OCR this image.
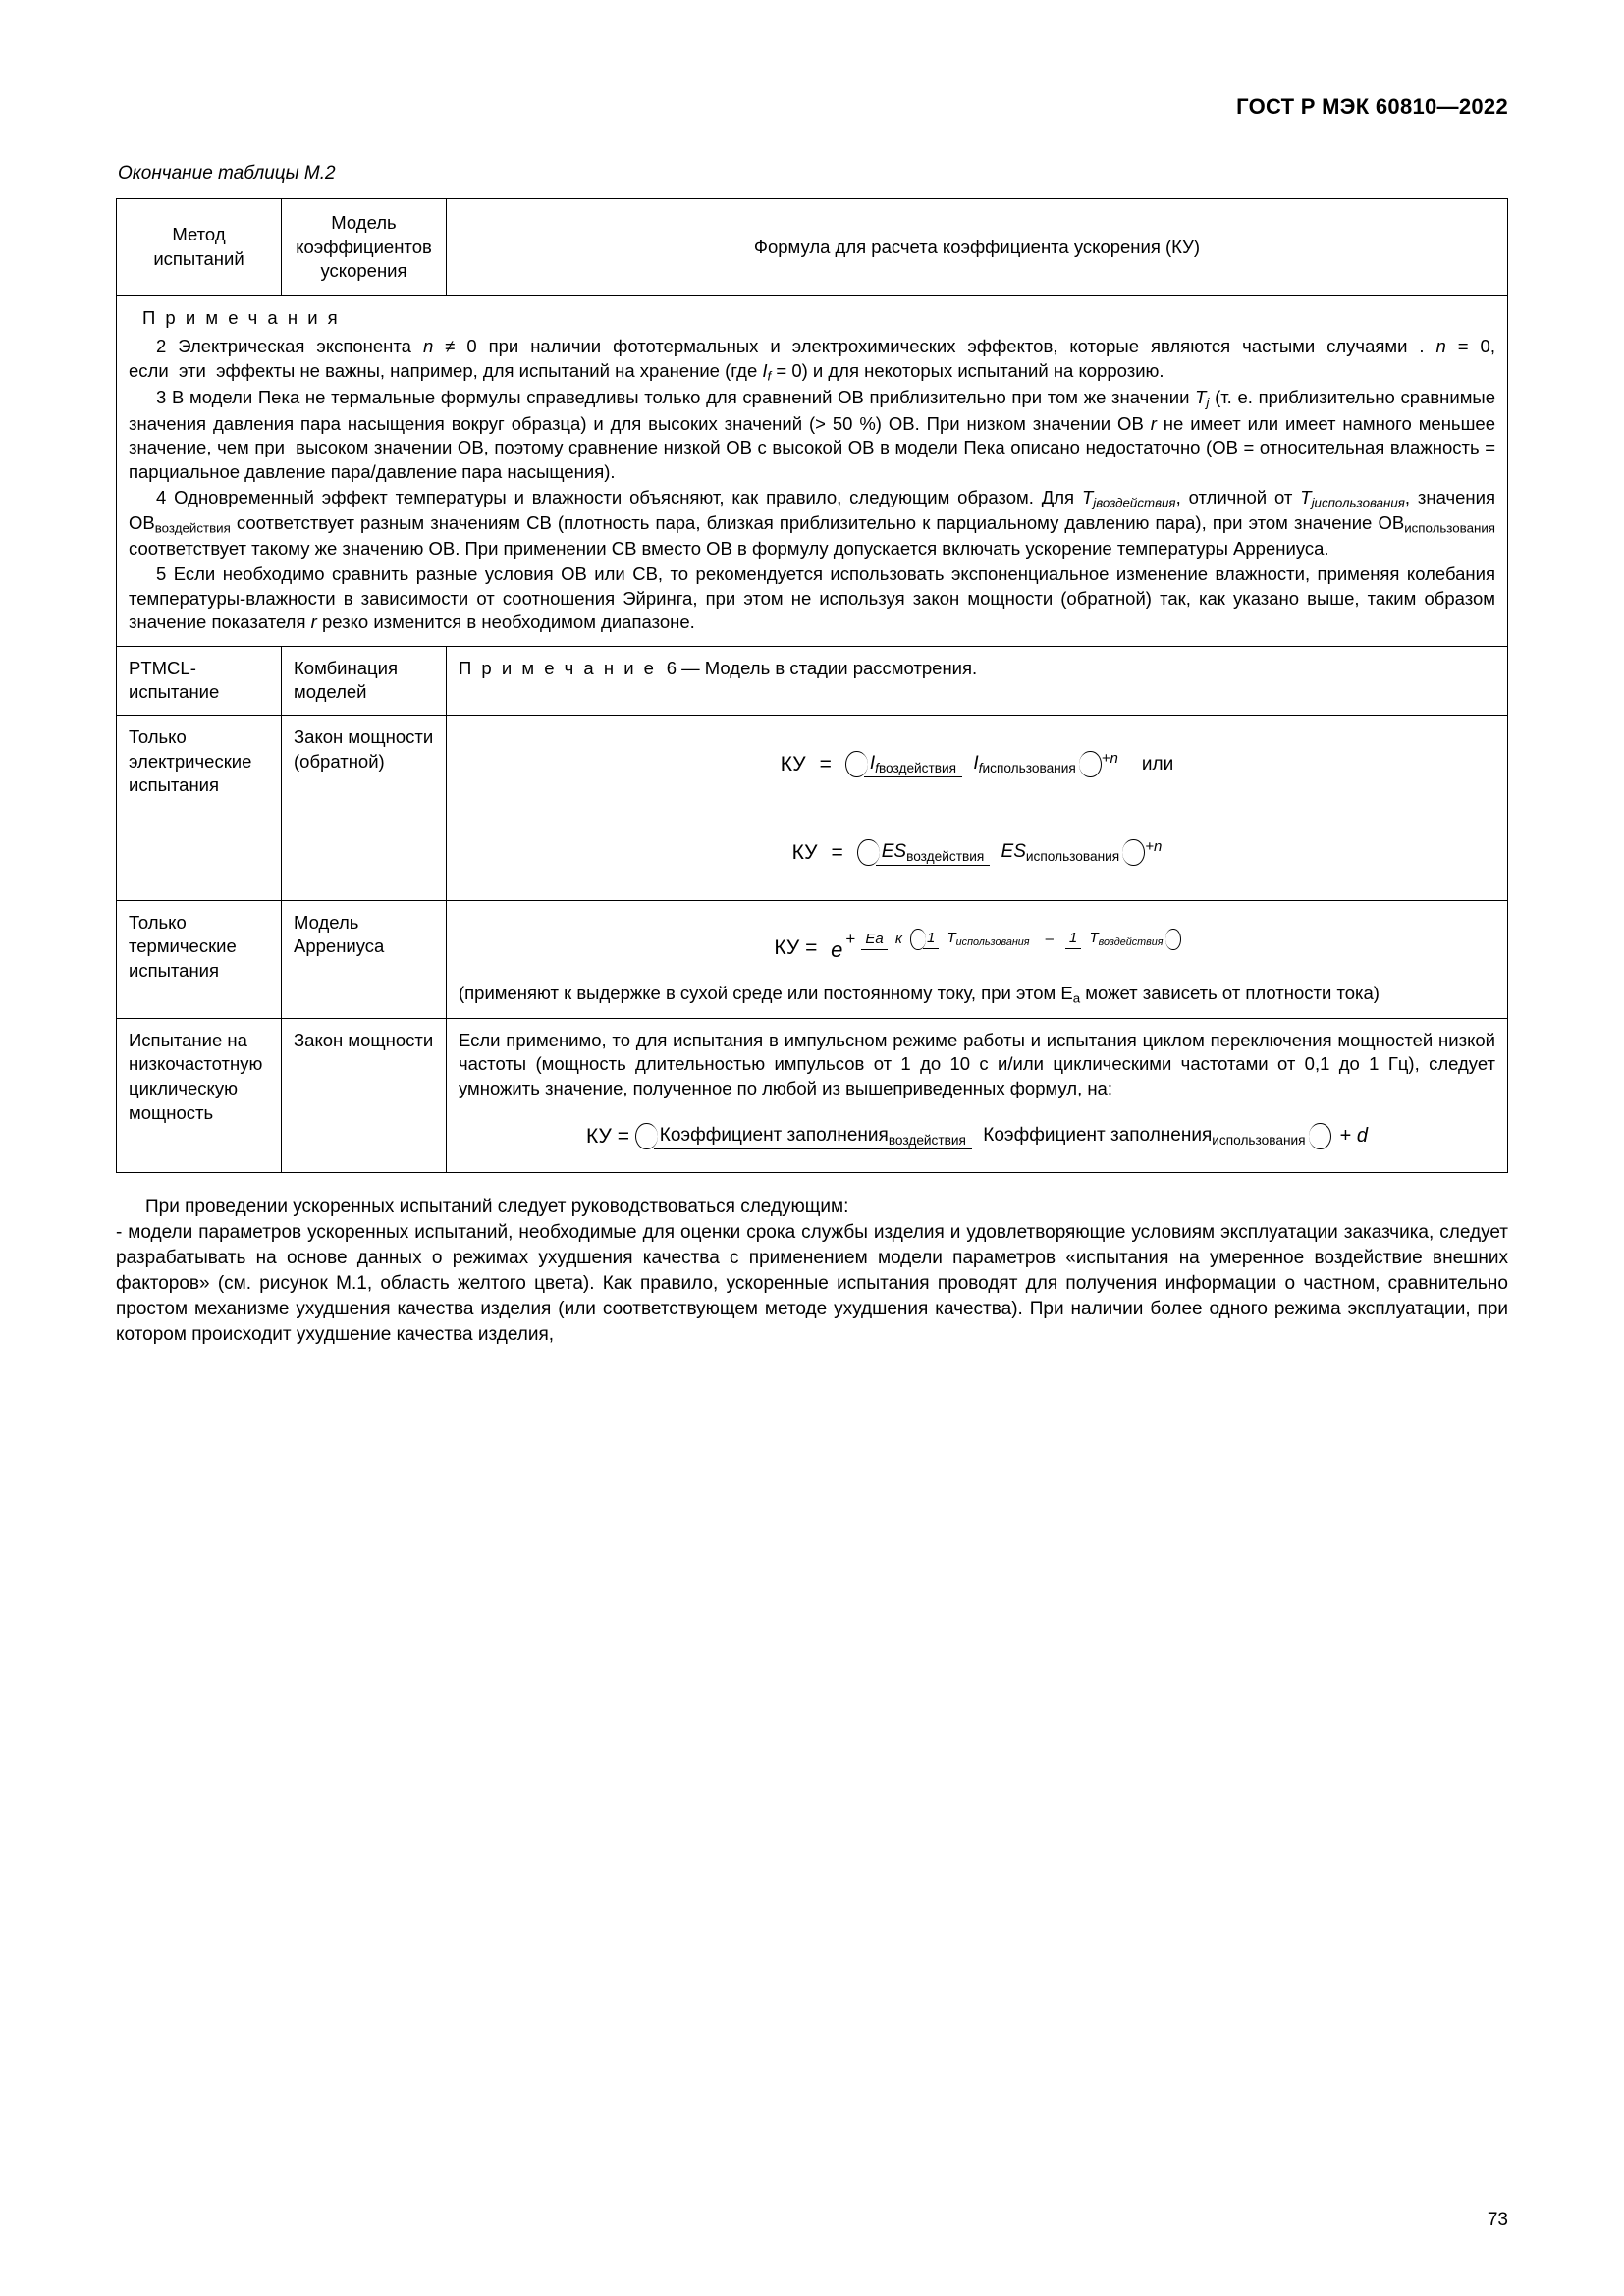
ГОСТ Р МЭК 60810—2022
Окончание таблицы М.2
Метод испытаний	Модель коэффициентов ускорения	Формула для расчета коэффициента ускорения (КУ)

П р и м е ч а н и я

2 Электрическая экспонента n ≠ 0 при наличии фототермальных и электрохимических эффектов, которые являются частыми случаями . n = 0, если  эти  эффекты не важны, например, для испытаний на хранение (где $I_f = 0$) и для некоторых испытаний на коррозию.

3 В модели Пека не термальные формулы справедливы только для сравнений ОВ приблизительно при том же значении $T_j$ (т. е. приблизительно сравнимые значения давления пара насыщения вокруг образца) и для высоких значений (> 50 %) ОВ. При низком значении ОВ r не имеет или имеет намного меньшее значение, чем при  высоком значении ОВ, поэтому сравнение низкой ОВ с высокой ОВ в модели Пека описано недостаточно (ОВ = относительная влажность = парциальное давление пара/давление пара насыщения).

4 Одновременный эффект температуры и влажности объясняют, как правило, следующим образом. Для $T_{jвоздействия}$, отличной от $T_{jиспользования}$, значения $ОВ_{воздействия}$ соответствует разным значениям СВ (плотность пара, близкая приблизительно к парциальному давлению пара), при этом значение $ОВ_{использования}$ соответствует такому же значению ОВ. При применении СВ вместо ОВ в формулу допускается включать ускорение температуры Аррениуса.

5 Если необходимо сравнить разные условия ОВ или СВ, то рекомендуется использовать экспоненциальное изменение влажности, применяя колебания температуры-влажности в зависимости от соотношения Эйринга, при этом не используя закон мощности (обратной) так, как указано выше, таким образом значение показателя r резко изменится в необходимом диапазоне.		

PTMCL-испытание	Комбинация моделей	П р и м е ч а н и е  6 — Модель в стадии рассмотрения.
Только электрические испытания	Закон мощности (обратной)	КУ =	$I_{fвоздействия}$ $I_{fиспользования}$
+n или
КУ =	$ES_{воздействия}$ $ES_{использования}$
+n

Только термические испытания	Модель Аррениуса	КУ = e + Ea к	1 $T_{использования}$	–	1 $T_{воздействия}$
(применяют к выдержке в сухой среде или постоянному току, при этом $E_a$ может зависеть от плотности тока)

Испытание на низкочастотную циклическую мощность	Закон мощности	Если применимо, то для испытания в импульсном режиме работы и испытания циклом переключения мощностей низкой частоты (мощность длительностью импульсов от 1 до 10 с и/или циклическими частотами от 0,1 до 1 Гц), следует умножить значение, полученное по любой из вышеприведенных формул, на:
КУ = Коэффициент заполнения$_{воздействия}$ Коэффициент заполнения$_{использования}$ + d

При проведении ускоренных испытаний следует руководствоваться следующим:

- модели параметров ускоренных испытаний, необходимые для оценки срока службы изделия и удовлетворяющие условиям эксплуатации заказчика, следует разрабатывать на основе данных о режимах ухудшения качества с применением модели параметров «испытания на умеренное воздействие внешних факторов» (см. рисунок М.1, область желтого цвета). Как правило, ускоренные испытания проводят для получения информации о частном, сравнительно простом механизме ухудшения качества изделия (или соответствующем методе ухудшения качества). При наличии более одного режима эксплуатации, при котором происходит ухудшение качества изделия,

73
